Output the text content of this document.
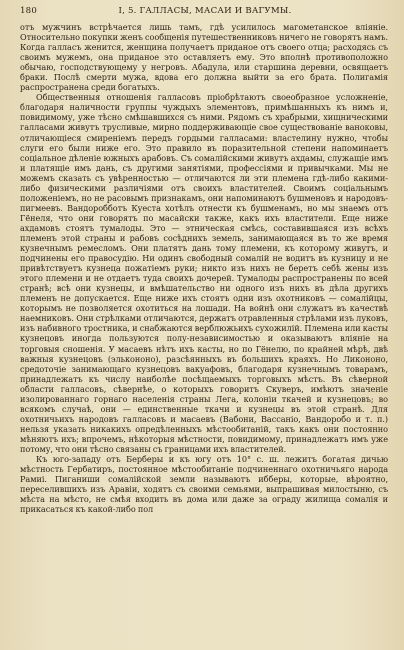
180	I, 5. ГАЛЛАСЫ, МАСАИ И ВАГУМЫ.

отъ мужчинъ встрѣчается лишь тамъ, гдѣ усилилось магометанское вліяніе. Относительно покупки женъ сообщенія путешественниковъ ничего не говорятъ намъ. Когда галласъ женится, женщина получаетъ приданое отъ своего отца; расходясь съ своимъ мужемъ, она приданое это оставляетъ ему. Это вполнѣ противоположно обычаю, господствующему у негровъ. Абадула, или старшина деревни, освящаетъ браки. Послѣ смерти мужа, вдова его должна выйти за его брата. Полигамія распространена среди богатыхъ.

Общественныя отношенія галласовъ пріобрѣтаютъ своеобразное усложненіе, благодаря наличности группы чуждыхъ элементовъ, примѣшанныхъ къ нимъ и, повидимому, уже тѣсно смѣшавшихся съ ними. Рядомъ съ храбрыми, хищническими галласами живутъ трусливые, мирно поддерживающіе свое существованіе ваноковы, отличающіеся смиреніемъ передъ гордыми галласами: властелину нужно, чтобы слуги его были ниже его. Это правило въ поразительной степени напоминаетъ соціальное дѣленіе южныхъ арабовъ. Съ сомалійскими живутъ ахдамы, служащіе имъ и платящіе имъ дань, съ другими занятіями, профессіями и привычками. Мы не можемъ сказать съ увѣренностью — отличаются ли эти племена гдѣ-либо какими-либо физическими различіями отъ своихъ властителей. Своимъ соціальнымъ положеніемъ, но не расовымъ признакамъ, они напоминаютъ бушменовъ и народовъ-пигмеевъ. Вандоробботъ Куеста хотѣлъ отнести къ бушменамъ, но мы знаемъ отъ Гёнеля, что они говорятъ по масайски также, какъ ихъ властители. Еще ниже ахдамовъ стоятъ тумалоды. Это — этническая смѣсь, составившаяся изъ всѣхъ племенъ этой страны и рабовъ сосѣднихъ земель, занимающаяся въ то же время кузнечнымъ ремесломъ. Они платятъ дань тому племени, къ которому живутъ, и подчинены его правосудію. Ни одинъ свободный сомалій не водитъ въ кузницу и не привѣтствуетъ кузнеца пожатіемъ руки; никто изъ нихъ не беретъ себѣ жены изъ этого племени и не отдаетъ туда своихъ дочерей. Тумалоды распространены по всей странѣ; всѣ они кузнецы, и вмѣшательство ни одного изъ нихъ въ дѣла другихъ племенъ не допускается. Еще ниже ихъ стоятъ одни изъ охотниковъ — сомалійцы, которымъ не позволяется охотиться на лошади. На войнѣ они служатъ въ качествѣ наемниковъ. Они стрѣлками отличаются, держатъ отравленныя стрѣлами изъ луковъ, изъ набивного тростника, и снабжаются верблюжьихъ сухожилій. Племена или касты кузнецовъ иногда пользуются полу-независимостью и оказываютъ вліяніе на торговыя сношенія. У масаевъ нѣтъ ихъ касты, но по Гёнелю, по крайней мѣрѣ, двѣ важныя кузнецовъ (элькононо), разсѣянныхъ въ большихъ краяхъ. Но Ликононо, средоточіе занимающаго кузнецовъ вакуафовъ, благодаря кузнечнымъ товарамъ, принадлежатъ къ числу наиболѣе посѣщаемыхъ торговыхъ мѣстъ. Въ сѣверной области галласовъ, сѣвернѣе, о которыхъ говоритъ Скуверъ, имѣютъ значеніе изолированнаго горнаго населенія страны Лега, колоніи ткачей и кузнецовъ; во всякомъ случаѣ, они — единственные ткачи и кузнецы въ этой странѣ. Для охотничьихъ народовъ галласовъ и масаевъ (Вабони, Вассаніо, Вандоробо и т. п.) нельзя указать никакихъ опредѣленныхъ мѣстообитаній, такъ какъ они постоянно мѣняютъ ихъ; впрочемъ, нѣкоторыя мѣстности, повидимому, принадлежатъ имъ уже потому, что они тѣсно связаны съ границами ихъ властителей.

Къ юго-западу отъ Берберы и къ югу отъ 10° с. ш. лежитъ богатая дичью мѣстность Гербатиръ, постоянное мѣстообитаніе подчиненнаго охотничьяго народа Рамиі. Пиганиши сомалійской земли называютъ ибберы, которые, вѣроятно, переселившихъ изъ Аравіи, ходятъ съ своими семьями, выпрашивая милостыню, съ мѣста на мѣсто, не смѣя входить въ дома или даже за ограду жилища сомалія и прикасаться къ какой-либо пол
